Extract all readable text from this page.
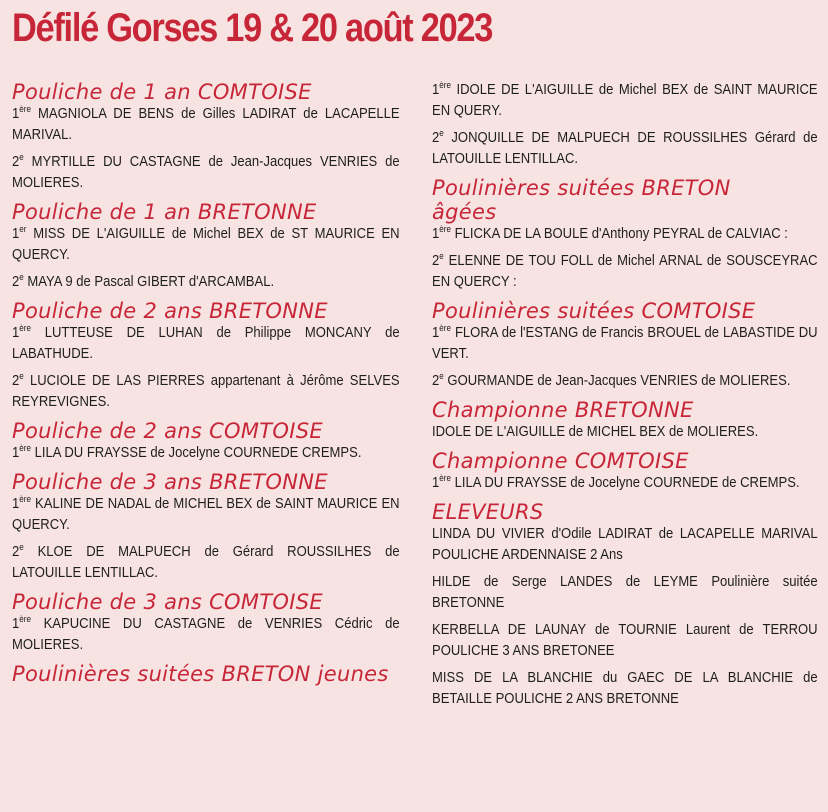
Défilé Gorses 19 & 20 août 2023
Pouliche de 1 an COMTOISE
1ère MAGNIOLA DE BENS de Gilles LADIRAT de LACAPELLE MARIVAL.
2e MYRTILLE DU CASTAGNE de Jean-Jacques VENRIES de MOLIERES.
Pouliche de 1 an BRETONNE
1er MISS DE L'AIGUILLE de Michel BEX de ST MAURICE EN QUERCY.
2e MAYA 9 de Pascal GIBERT d'ARCAMBAL.
Pouliche de 2 ans BRETONNE
1ère LUTTEUSE DE LUHAN de Philippe MONCANY de LABATHUDE.
2e LUCIOLE DE LAS PIERRES appartenant à Jérôme SELVES REYREVIGNES.
Pouliche de 2 ans COMTOISE
1ère LILA DU FRAYSSE de Jocelyne COURNEDE CREMPS.
Pouliche de 3 ans BRETONNE
1ère KALINE DE NADAL de MICHEL BEX de SAINT MAURICE EN QUERCY.
2e KLOE DE MALPUECH de Gérard ROUSSILHES de LATOUILLE LENTILLAC.
Pouliche de 3 ans COMTOISE
1ère KAPUCINE DU CASTAGNE de VENRIES Cédric de MOLIERES.
Poulinières suitées BRETON jeunes
1ère IDOLE DE L'AIGUILLE de Michel BEX de SAINT MAURICE EN QUERY.
2e JONQUILLE DE MALPUECH DE ROUSSILHES Gérard de LATOUILLE LENTILLAC.
Poulinières suitées BRETON
âgées
1ère FLICKA DE LA BOULE d'Anthony PEYRAL de CALVIAC :
2e ELENNE DE TOU FOLL de Michel ARNAL de SOUSCEYRAC EN QUERCY :
Poulinières suitées COMTOISE
1ère FLORA de l'ESTANG de Francis BROUEL de LABASTIDE DU VERT.
2e GOURMANDE de Jean-Jacques VENRIES de MOLIERES.
Championne BRETONNE
IDOLE DE L'AIGUILLE de MICHEL BEX de MOLIERES.
Championne COMTOISE
1ère LILA DU FRAYSSE de Jocelyne COURNEDE de CREMPS.
ELEVEURS
LINDA DU VIVIER d'Odile LADIRAT de LACAPELLE MARIVAL POULICHE ARDENNAISE 2 Ans
HILDE de Serge LANDES de LEYME Poulinière suitée BRETONNE
KERBELLA DE LAUNAY de TOURNIE Laurent de TERROU POULICHE 3 ANS BRETONEE
MISS DE LA BLANCHIE du GAEC DE LA BLANCHIE de BETAILLE POULICHE 2 ANS BRETONNE
